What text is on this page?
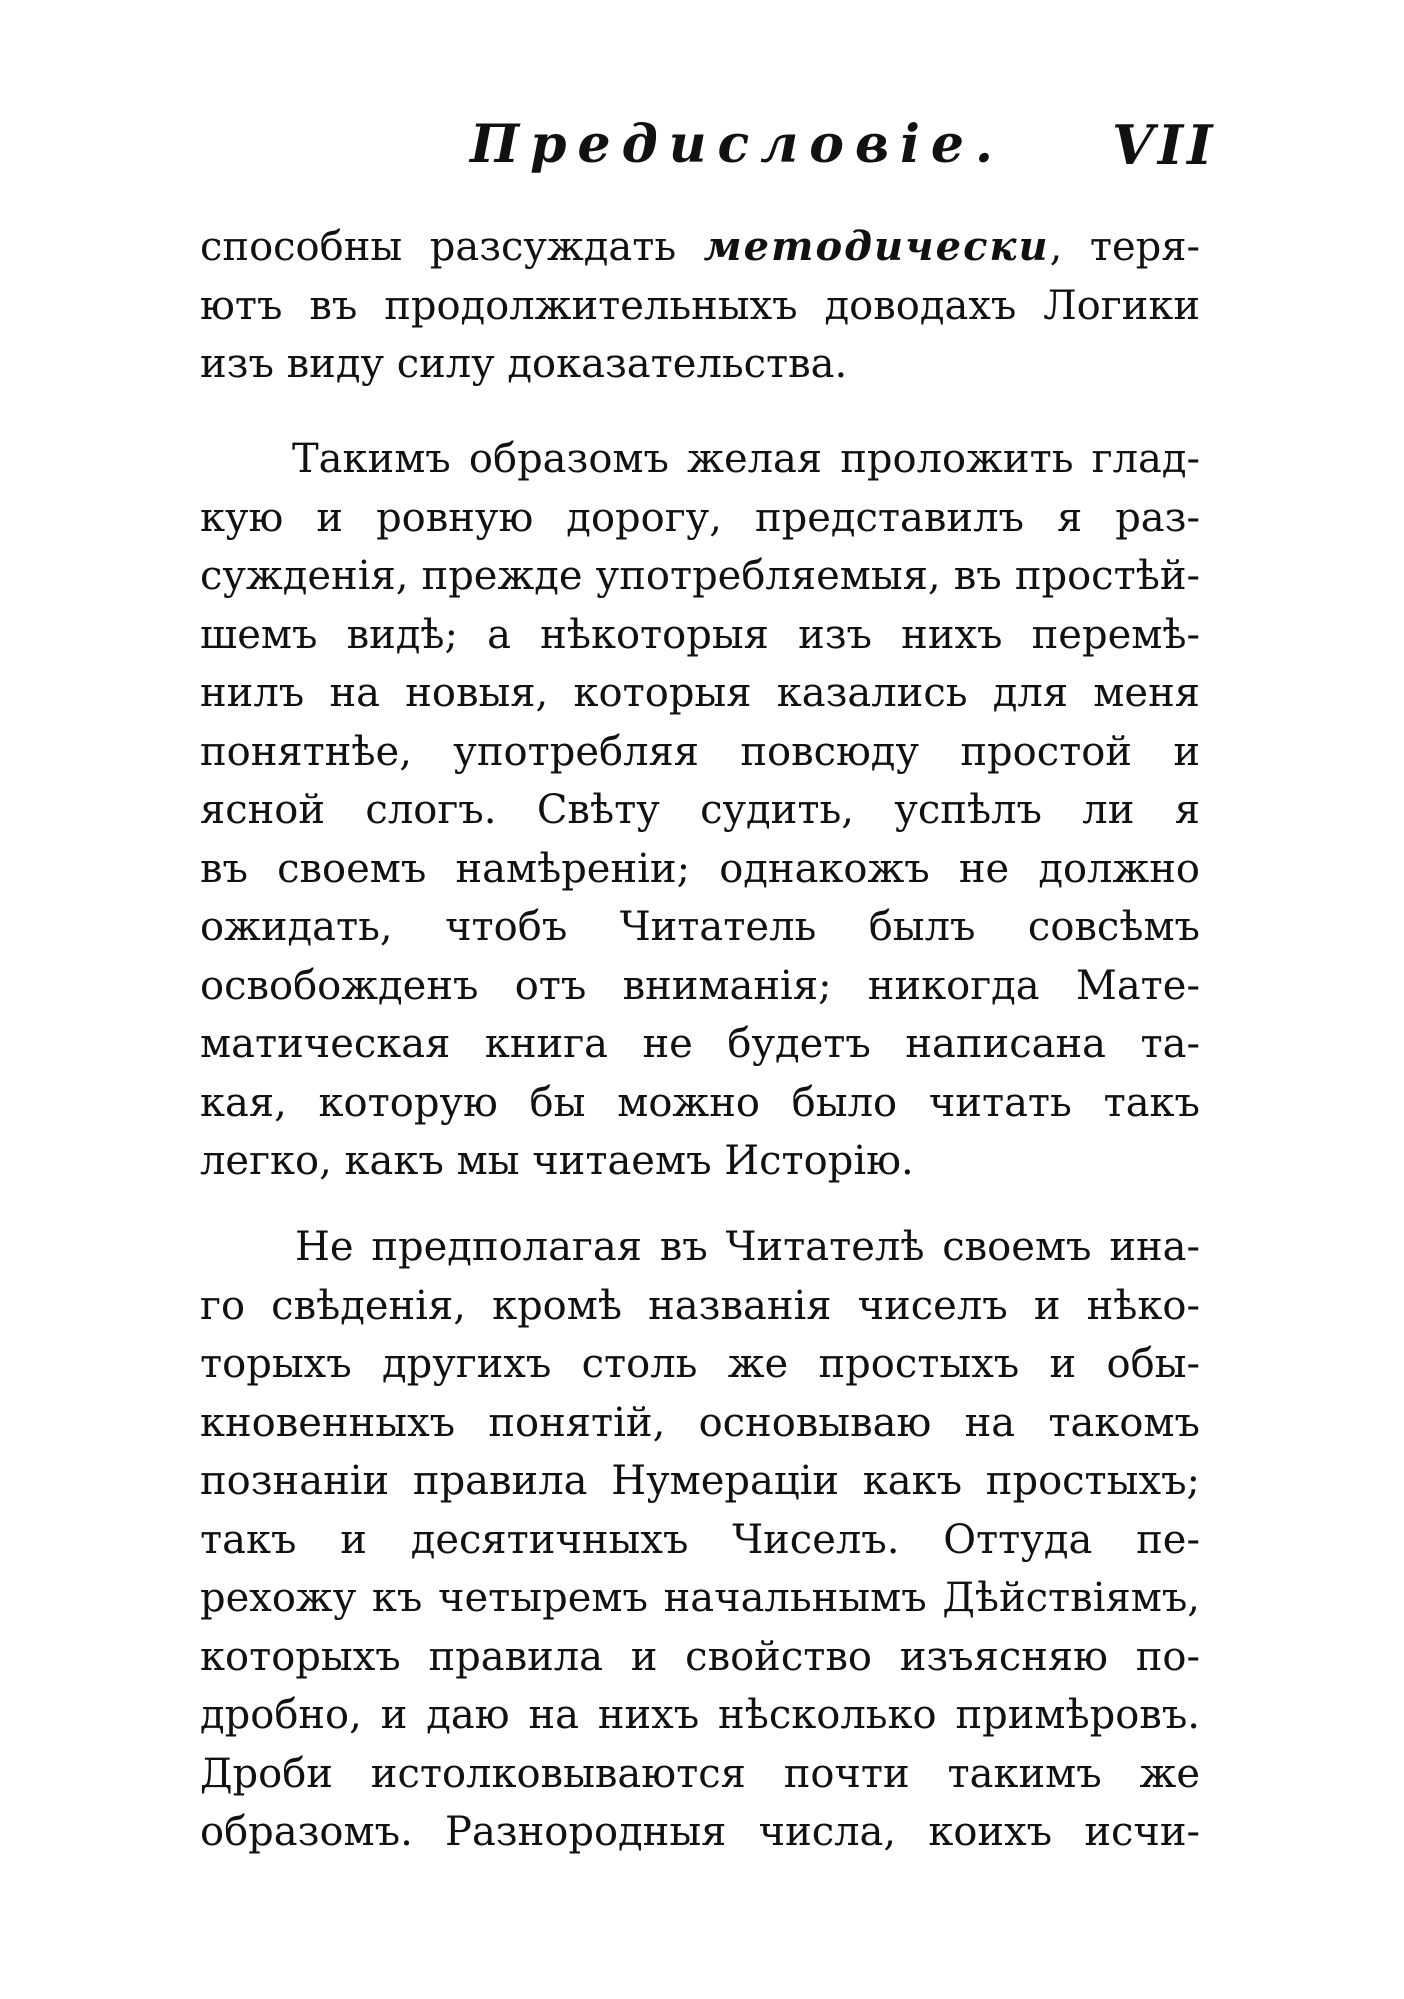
Предисловіе. VII
способны разсуждать методически, теря-
ютъ въ продолжительныхъ доводахъ Логики
изъ виду силу доказательства.
Такимъ образомъ желая проложить глад-
кую и ровную дорогу, представилъ я раз-
сужденія, прежде употребляемыя, въ простѣй-
шемъ видѣ; а нѣкоторыя изъ нихъ перемѣ-
нилъ на новыя, которыя казались для меня
понятнѣе, употребляя повсюду простой и
ясной слогъ. Свѣту судить, успѣлъ ли я
въ своемъ намѣреніи; однакожъ не должно
ожидать, чтобъ Читатель былъ совсѣмъ
освобожденъ отъ вниманія; никогда Мате-
матическая книга не будетъ написана та-
кая, которую бы можно было читать такъ
легко, какъ мы читаемъ Исторію.
Не предполагая въ Читателѣ своемъ ина-
го свѣденія, кромѣ названія чиселъ и нѣко-
торыхъ другихъ столь же простыхъ и обы-
кновенныхъ понятій, основываю на такомъ
познаніи правила Нумераціи какъ простыхъ;
такъ и десятичныхъ Чиселъ. Оттуда пе-
рехожу къ четыремъ начальнымъ Дѣйствіямъ,
которыхъ правила и свойство изъясняю по-
дробно, и даю на нихъ нѣсколько примѣровъ.
Дроби истолковываются почти такимъ же
образомъ. Разнородныя числа, коихъ исчи-
